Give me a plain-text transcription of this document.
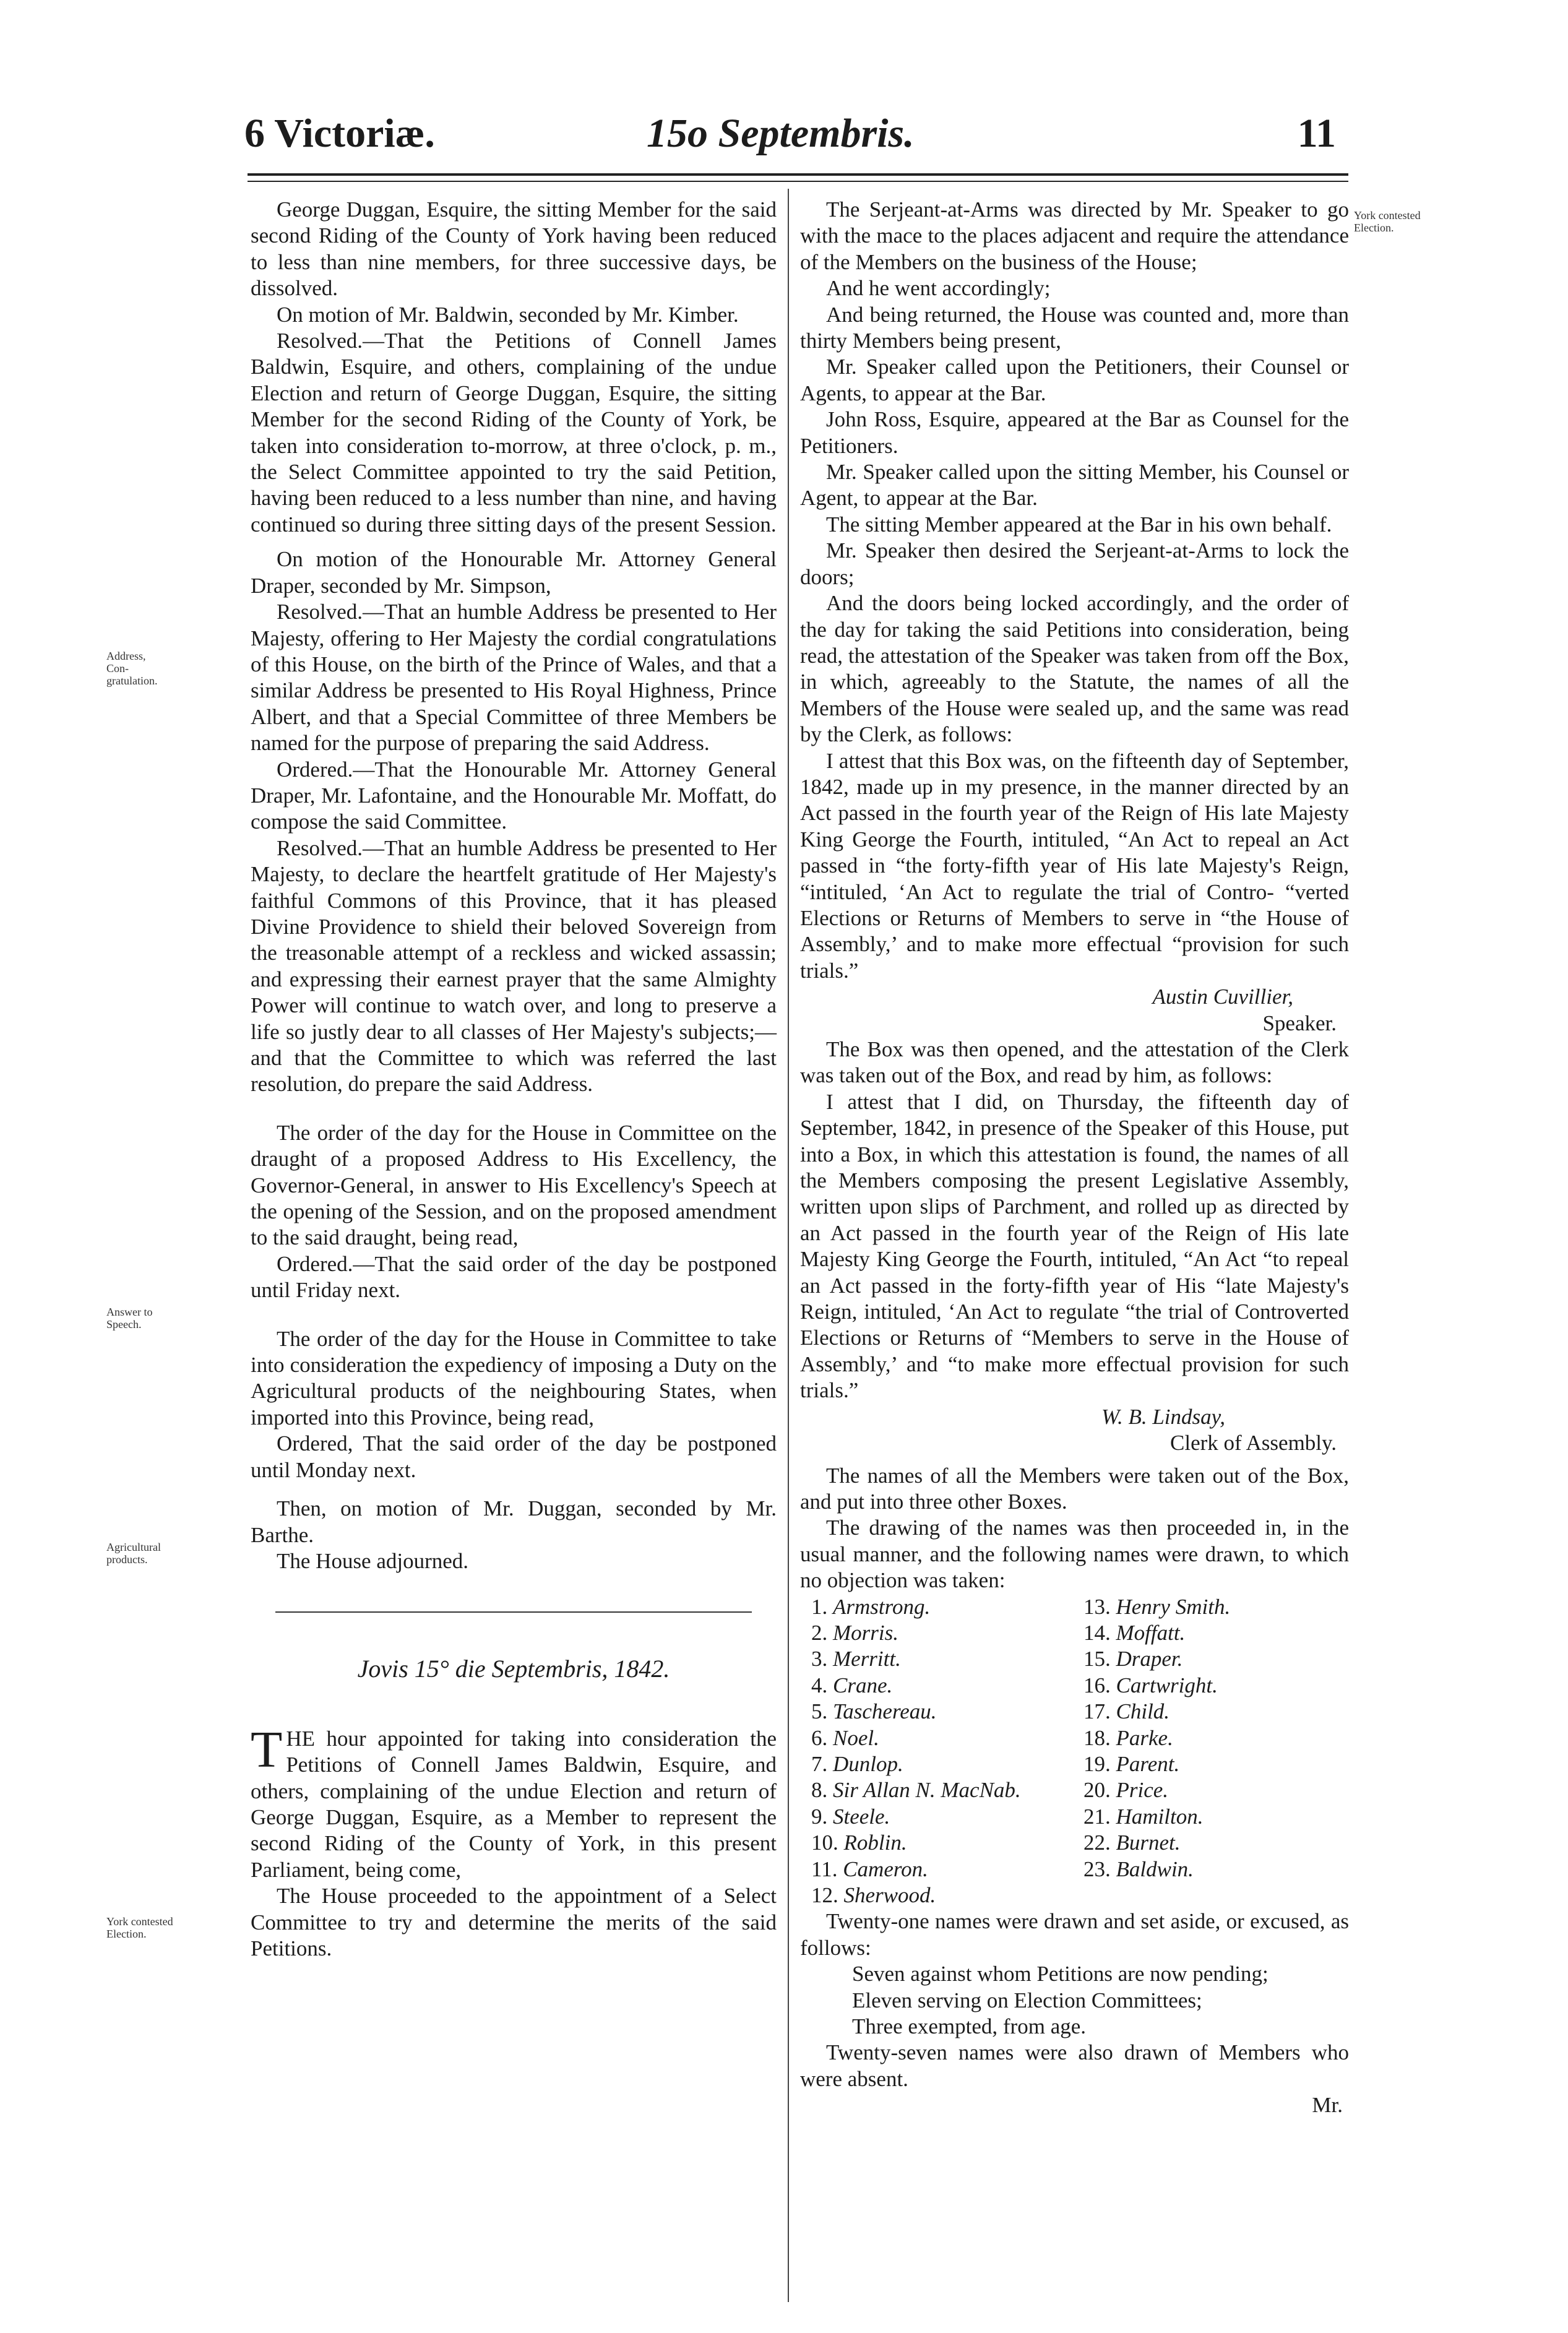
6 Victoriæ.	15o Septembris.	11
York contested Election.
Address, Con- gratulation.
Answer to Speech.
Agricultural products.
York contested Election.

George Duggan, Esquire, the sitting Member for the said second Riding of the County of York having been reduced to less than nine members, for three successive days, be dissolved.

On motion of Mr. Baldwin, seconded by Mr. Kimber.

Resolved.—That the Petitions of Connell James Baldwin, Esquire, and others, complaining of the undue Election and return of George Duggan, Esquire, the sitting Member for the second Riding of the County of York, be taken into consideration to-morrow, at three o'clock, p. m., the Select Committee appointed to try the said Petition, having been reduced to a less number than nine, and having continued so during three sitting days of the present Session.

On motion of the Honourable Mr. Attorney General Draper, seconded by Mr. Simpson,

Resolved.—That an humble Address be presented to Her Majesty, offering to Her Majesty the cordial congratulations of this House, on the birth of the Prince of Wales, and that a similar Address be presented to His Royal Highness, Prince Albert, and that a Special Committee of three Members be named for the purpose of preparing the said Address.

Ordered.—That the Honourable Mr. Attorney General Draper, Mr. Lafontaine, and the Honourable Mr. Moffatt, do compose the said Committee.

Resolved.—That an humble Address be presented to Her Majesty, to declare the heartfelt gratitude of Her Majesty's faithful Commons of this Province, that it has pleased Divine Providence to shield their beloved Sovereign from the treasonable attempt of a reckless and wicked assassin; and expressing their earnest prayer that the same Almighty Power will continue to watch over, and long to preserve a life so justly dear to all classes of Her Majesty's subjects;—and that the Committee to which was referred the last resolution, do prepare the said Address.

The order of the day for the House in Committee on the draught of a proposed Address to His Excellency, the Governor-General, in answer to His Excellency's Speech at the opening of the Session, and on the proposed amendment to the said draught, being read,

Ordered.—That the said order of the day be postponed until Friday next.

The order of the day for the House in Committee to take into consideration the expediency of imposing a Duty on the Agricultural products of the neighbouring States, when imported into this Province, being read,

Ordered, That the said order of the day be postponed until Monday next.

Then, on motion of Mr. Duggan, seconded by Mr. Barthe.

The House adjourned.

Jovis 15° die Septembris, 1842.

THE hour appointed for taking into consideration the Petitions of Connell James Baldwin, Esquire, and others, complaining of the undue Election and return of George Duggan, Esquire, as a Member to represent the second Riding of the County of York, in this present Parliament, being come,

The House proceeded to the appointment of a Select Committee to try and determine the merits of the said Petitions.

The Serjeant-at-Arms was directed by Mr. Speaker to go with the mace to the places adjacent and require the attendance of the Members on the business of the House;

And he went accordingly;

And being returned, the House was counted and, more than thirty Members being present,

Mr. Speaker called upon the Petitioners, their Counsel or Agents, to appear at the Bar.

John Ross, Esquire, appeared at the Bar as Counsel for the Petitioners.

Mr. Speaker called upon the sitting Member, his Counsel or Agent, to appear at the Bar.

The sitting Member appeared at the Bar in his own behalf.

Mr. Speaker then desired the Serjeant-at-Arms to lock the doors;

And the doors being locked accordingly, and the order of the day for taking the said Petitions into consideration, being read, the attestation of the Speaker was taken from off the Box, in which, agreeably to the Statute, the names of all the Members of the House were sealed up, and the same was read by the Clerk, as follows:

I attest that this Box was, on the fifteenth day of September, 1842, made up in my presence, in the manner directed by an Act passed in the fourth year of the Reign of His late Majesty King George the Fourth, intituled, “An Act to repeal an Act passed in “the forty-fifth year of His late Majesty's Reign, “intituled, ‘An Act to regulate the trial of Contro- “verted Elections or Returns of Members to serve in “the House of Assembly,’ and to make more effectual “provision for such trials.”

Austin Cuvillier,

Speaker.

The Box was then opened, and the attestation of the Clerk was taken out of the Box, and read by him, as follows:

I attest that I did, on Thursday, the fifteenth day of September, 1842, in presence of the Speaker of this House, put into a Box, in which this attestation is found, the names of all the Members composing the present Legislative Assembly, written upon slips of Parchment, and rolled up as directed by an Act passed in the fourth year of the Reign of His late Majesty King George the Fourth, intituled, “An Act “to repeal an Act passed in the forty-fifth year of His “late Majesty's Reign, intituled, ‘An Act to regulate “the trial of Controverted Elections or Returns of “Members to serve in the House of Assembly,’ and “to make more effectual provision for such trials.”

W. B. Lindsay,

Clerk of Assembly.

The names of all the Members were taken out of the Box, and put into three other Boxes.

The drawing of the names was then proceeded in, in the usual manner, and the following names were drawn, to which no objection was taken:

1. Armstrong.	13. Henry Smith.
2. Morris.	14. Moffatt.
3. Merritt.	15. Draper.
4. Crane.	16. Cartwright.
5. Taschereau.	17. Child.
6. Noel.	18. Parke.
7. Dunlop.	19. Parent.
8. Sir Allan N. MacNab.	20. Price.
9. Steele.	21. Hamilton.
10. Roblin.	22. Burnet.
11. Cameron.	23. Baldwin.
12. Sherwood.

Twenty-one names were drawn and set aside, or excused, as follows:

Seven against whom Petitions are now pending;

Eleven serving on Election Committees;

Three exempted, from age.

Twenty-seven names were also drawn of Members who were absent.

Mr.
